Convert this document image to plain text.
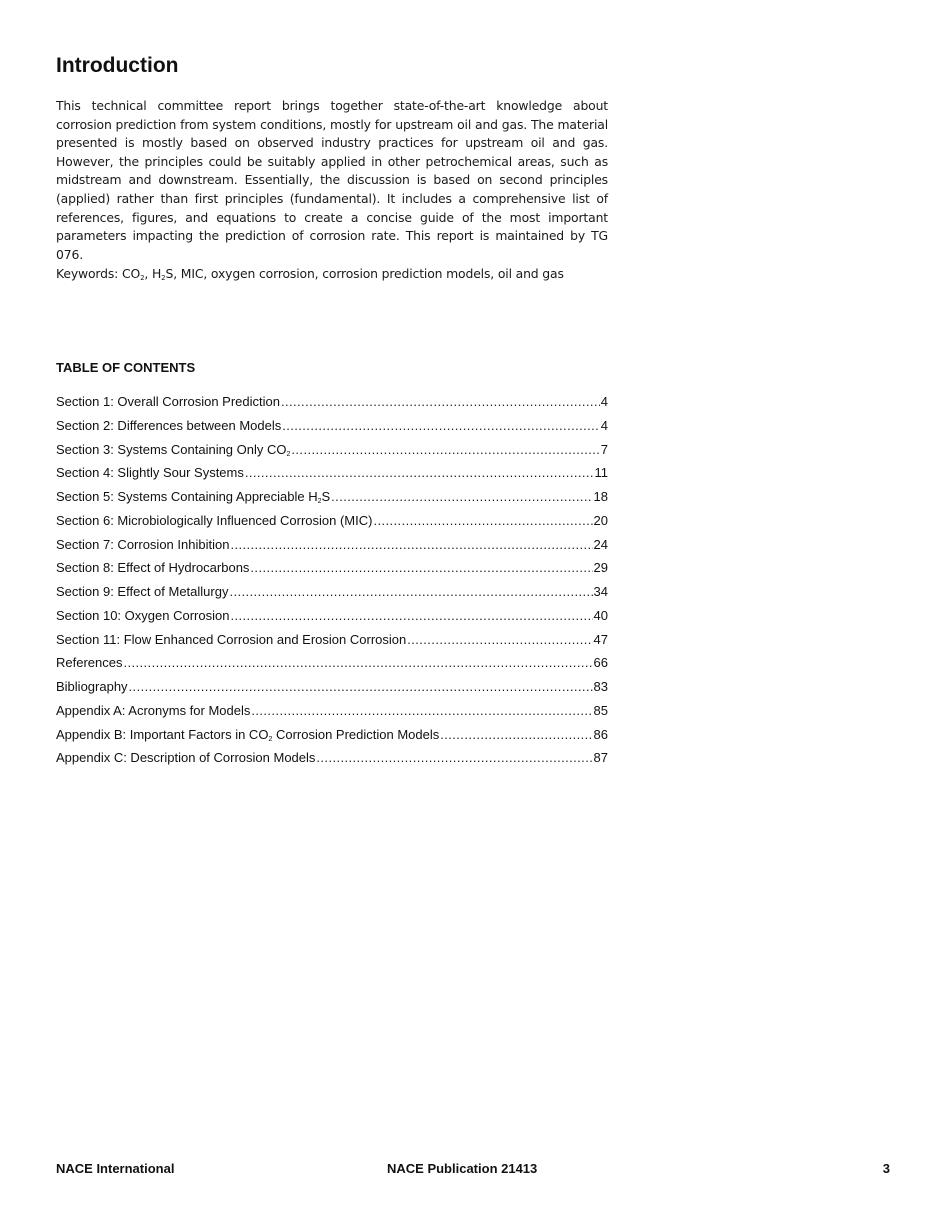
Introduction

This technical committee report brings together state-of-the-art knowledge about corrosion prediction from system conditions, mostly for upstream oil and gas. The material presented is mostly based on observed industry practices for upstream oil and gas. However, the principles could be suitably applied in other petrochemical areas, such as midstream and downstream. Essentially, the discussion is based on second principles (applied) rather than first principles (fundamental). It includes a comprehensive list of references, figures, and equations to create a concise guide of the most important parameters impacting the prediction of corrosion rate. This report is maintained by TG 076.

Keywords: $CO_2$, $H_2S$, MIC, oxygen corrosion, corrosion prediction models, oil and gas

TABLE OF CONTENTS
Section 1: Overall Corrosion Prediction .....	4
Section 2: Differences between Models .....	4
Section 3: Systems Containing Only $CO_2$ .....	7
Section 4: Slightly Sour Systems .....	11
Section 5: Systems Containing Appreciable $H_2S$ .....	18
Section 6: Microbiologically Influenced Corrosion (MIC) .....	20
Section 7: Corrosion Inhibition .....	24
Section 8: Effect of Hydrocarbons .....	29
Section 9: Effect of Metallurgy .....	34
Section 10: Oxygen Corrosion .....	40
Section 11: Flow Enhanced Corrosion and Erosion Corrosion .....	47
References .....	66
Bibliography .....	83
Appendix A: Acronyms for Models .....	85
Appendix B: Important Factors in $CO_2$ Corrosion Prediction Models .....	86
Appendix C: Description of Corrosion Models .....	87
NACE International	NACE Publication 21413	3
